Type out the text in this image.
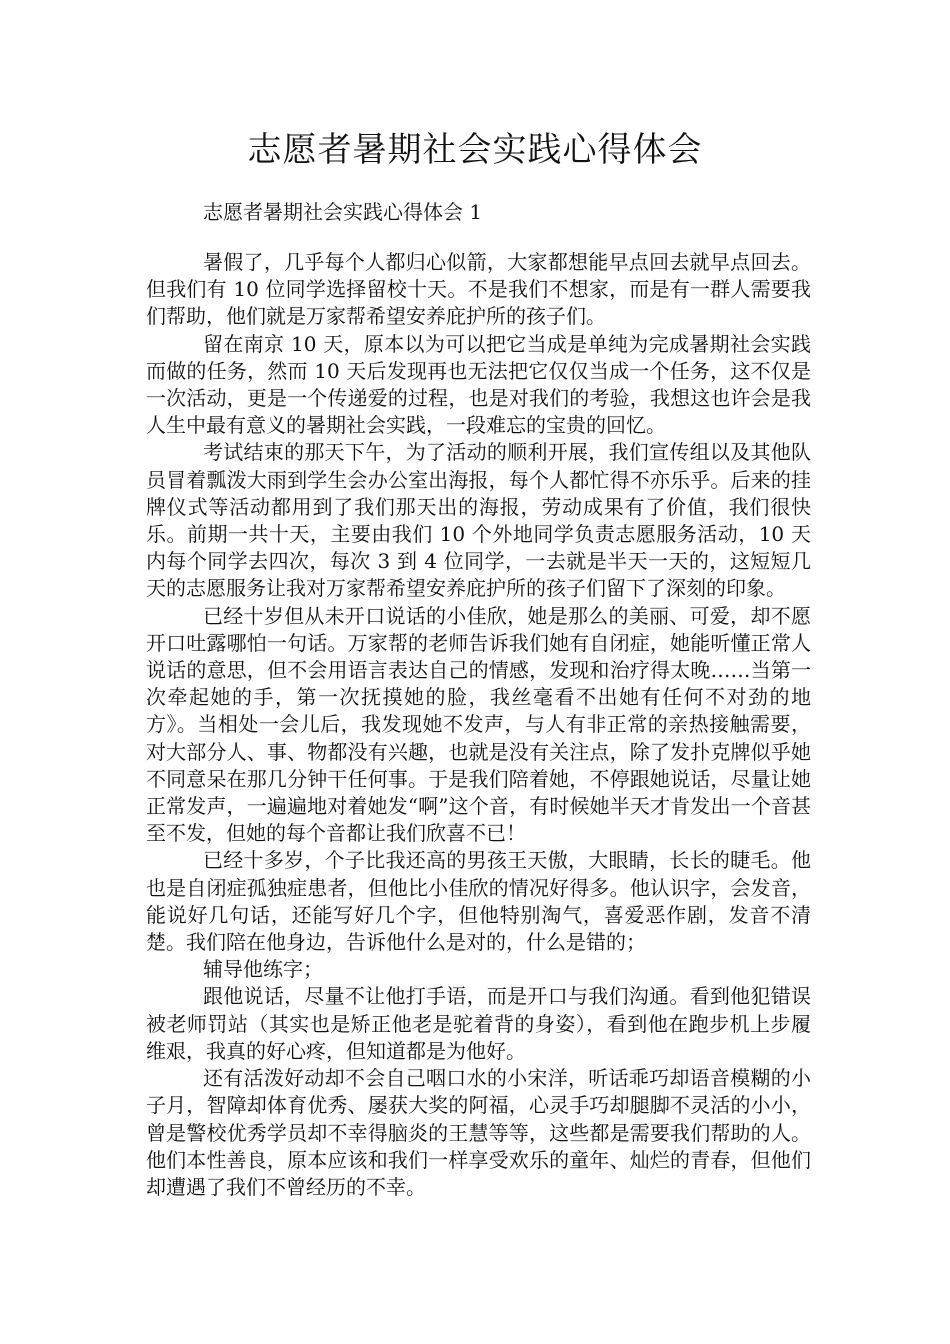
志愿者暑期社会实践心得体会

志愿者暑期社会实践心得体会 1

暑假了，几乎每个人都归心似箭，大家都想能早点回去就早点回去。但我们有 10 位同学选择留校十天。不是我们不想家，而是有一群人需要我们帮助，他们就是万家帮希望安养庇护所的孩子们。

留在南京 10 天，原本以为可以把它当成是单纯为完成暑期社会实践而做的任务，然而 10 天后发现再也无法把它仅仅当成一个任务，这不仅是一次活动，更是一个传递爱的过程，也是对我们的考验，我想这也许会是我人生中最有意义的暑期社会实践，一段难忘的宝贵的回忆。

考试结束的那天下午，为了活动的顺利开展，我们宣传组以及其他队员冒着瓢泼大雨到学生会办公室出海报，每个人都忙得不亦乐乎。后来的挂牌仪式等活动都用到了我们那天出的海报，劳动成果有了价值，我们很快乐。前期一共十天，主要由我们 10 个外地同学负责志愿服务活动，10 天内每个同学去四次，每次 3 到 4 位同学，一去就是半天一天的，这短短几天的志愿服务让我对万家帮希望安养庇护所的孩子们留下了深刻的印象。

已经十岁但从未开口说话的小佳欣，她是那么的美丽、可爱，却不愿开口吐露哪怕一句话。万家帮的老师告诉我们她有自闭症，她能听懂正常人说话的意思，但不会用语言表达自己的情感，发现和治疗得太晚……当第一次牵起她的手，第一次抚摸她的脸，我丝毫看不出她有任何不对劲的地方》。当相处一会儿后，我发现她不发声，与人有非正常的亲热接触需要，对大部分人、事、物都没有兴趣，也就是没有关注点，除了发扑克牌似乎她不同意呆在那几分钟干任何事。于是我们陪着她，不停跟她说话，尽量让她正常发声，一遍遍地对着她发“啊”这个音，有时候她半天才肯发出一个音甚至不发，但她的每个音都让我们欣喜不已！

已经十多岁，个子比我还高的男孩王天傲，大眼睛，长长的睫毛。他也是自闭症孤独症患者，但他比小佳欣的情况好得多。他认识字，会发音，能说好几句话，还能写好几个字，但他特别淘气，喜爱恶作剧，发音不清楚。我们陪在他身边，告诉他什么是对的，什么是错的；

辅导他练字；

跟他说话，尽量不让他打手语，而是开口与我们沟通。看到他犯错误被老师罚站（其实也是矫正他老是驼着背的身姿），看到他在跑步机上步履维艰，我真的好心疼，但知道都是为他好。

还有活泼好动却不会自己咽口水的小宋洋，听话乖巧却语音模糊的小子月，智障却体育优秀、屡获大奖的阿福，心灵手巧却腿脚不灵活的小小，曾是警校优秀学员却不幸得脑炎的王慧等等，这些都是需要我们帮助的人。他们本性善良，原本应该和我们一样享受欢乐的童年、灿烂的青春，但他们却遭遇了我们不曾经历的不幸。
